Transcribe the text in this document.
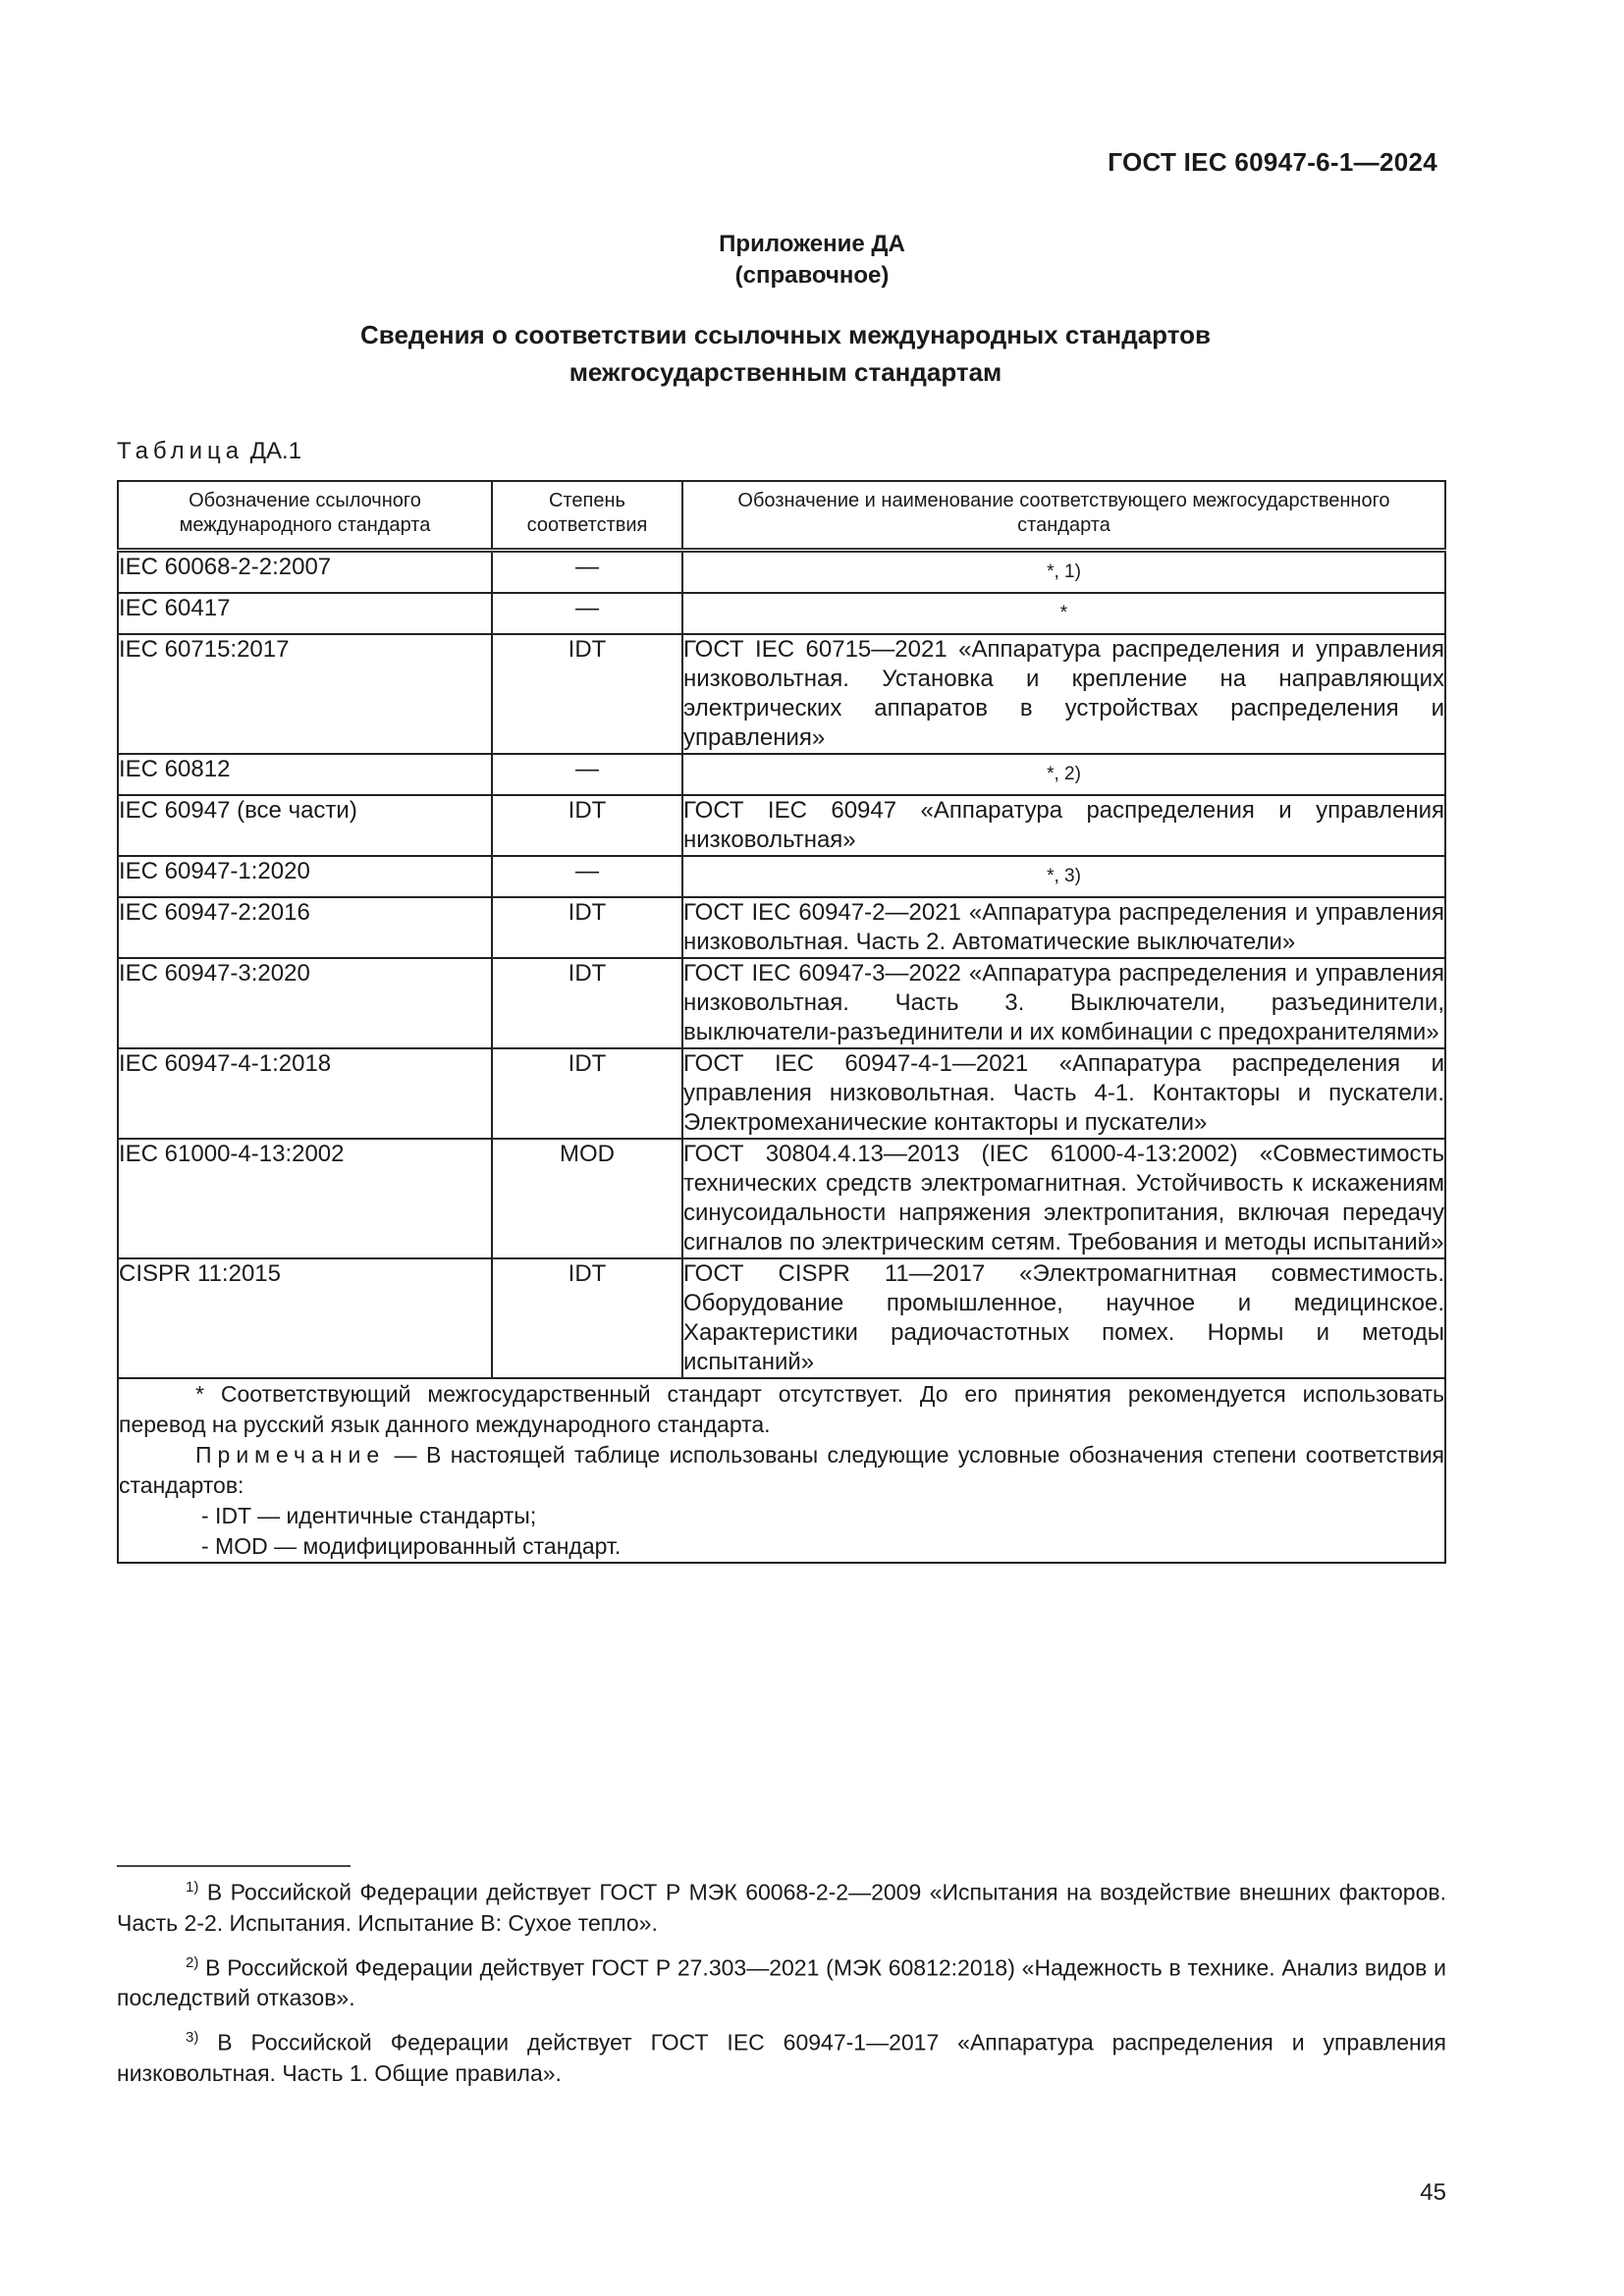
ГОСТ IEC 60947-6-1—2024
Приложение ДА
(справочное)
Сведения о соответствии ссылочных международных стандартов
межгосударственным стандартам
Таблица ДА.1
Обозначение ссылочного международного стандарта	Степень соответствия	Обозначение и наименование соответствующего межгосударственного стандарта
IEC 60068-2-2:2007	—	*, 1)
IEC 60417	—	*
IEC 60715:2017	IDT	ГОСТ IEC 60715—2021 «Аппаратура распределения и управления низковольтная. Установка и крепление на направляющих электрических аппаратов в устройствах распределения и управления»
IEC 60812	—	*, 2)
IEC 60947 (все части)	IDT	ГОСТ IEC 60947 «Аппаратура распределения и управления низковольтная»
IEC 60947-1:2020	—	*, 3)
IEC 60947-2:2016	IDT	ГОСТ IEC 60947-2—2021 «Аппаратура распределения и управления низковольтная. Часть 2. Автоматические выключатели»
IEC 60947-3:2020	IDT	ГОСТ IEC 60947-3—2022 «Аппаратура распределения и управления низковольтная. Часть 3. Выключатели, разъединители, выключатели-разъединители и их комбинации с предохранителями»
IEC 60947-4-1:2018	IDT	ГОСТ IEC 60947-4-1—2021 «Аппаратура распределения и управления низковольтная. Часть 4-1. Контакторы и пускатели. Электромеханические контакторы и пускатели»
IEC 61000-4-13:2002	MOD	ГОСТ 30804.4.13—2013 (IEC 61000-4-13:2002) «Совместимость технических средств электромагнитная. Устойчивость к искажениям синусоидальности напряжения электропитания, включая передачу сигналов по электрическим сетям. Требования и методы испытаний»
CISPR 11:2015	IDT	ГОСТ CISPR 11—2017 «Электромагнитная совместимость. Оборудование промышленное, научное и медицинское. Характеристики радиочастотных помех. Нормы и методы испытаний»

* Соответствующий межгосударственный стандарт отсутствует. До его принятия рекомендуется использовать перевод на русский язык данного международного стандарта.

Примечание — В настоящей таблице использованы следующие условные обозначения степени соответствия стандартов:

- IDT — идентичные стандарты;

- MOD — модифицированный стандарт.		

$^{1)}$ В Российской Федерации действует ГОСТ Р МЭК 60068-2-2—2009 «Испытания на воздействие внешних факторов. Часть 2-2. Испытания. Испытание В: Сухое тепло».

$^{2)}$ В Российской Федерации действует ГОСТ Р 27.303—2021 (МЭК 60812:2018) «Надежность в технике. Анализ видов и последствий отказов».

$^{3)}$ В Российской Федерации действует ГОСТ IEC 60947-1—2017 «Аппаратура распределения и управления низковольтная. Часть 1. Общие правила».

45
